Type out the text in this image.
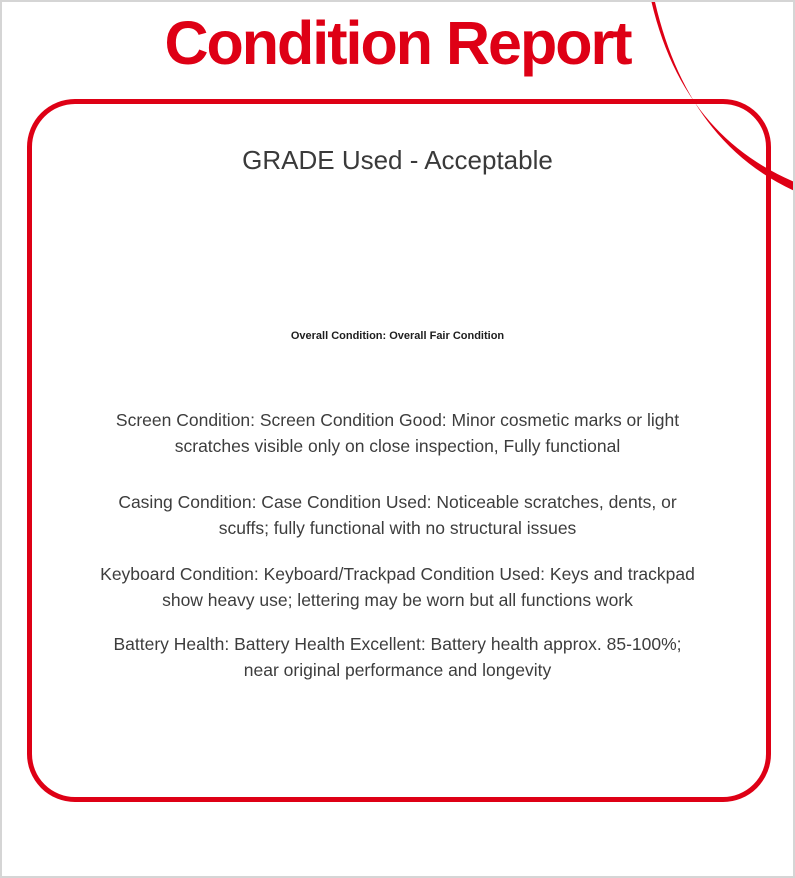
Condition Report
GRADE Used - Acceptable
Overall Condition: Overall Fair Condition

Screen Condition: Screen Condition Good: Minor cosmetic marks or light
scratches visible only on close inspection, Fully functional

Casing Condition: Case Condition Used: Noticeable scratches, dents, or
scuffs; fully functional with no structural issues

Keyboard Condition: Keyboard/Trackpad Condition Used: Keys and trackpad
show heavy use; lettering may be worn but all functions work

Battery Health: Battery Health Excellent: Battery health approx. 85-100%;
near original performance and longevity
